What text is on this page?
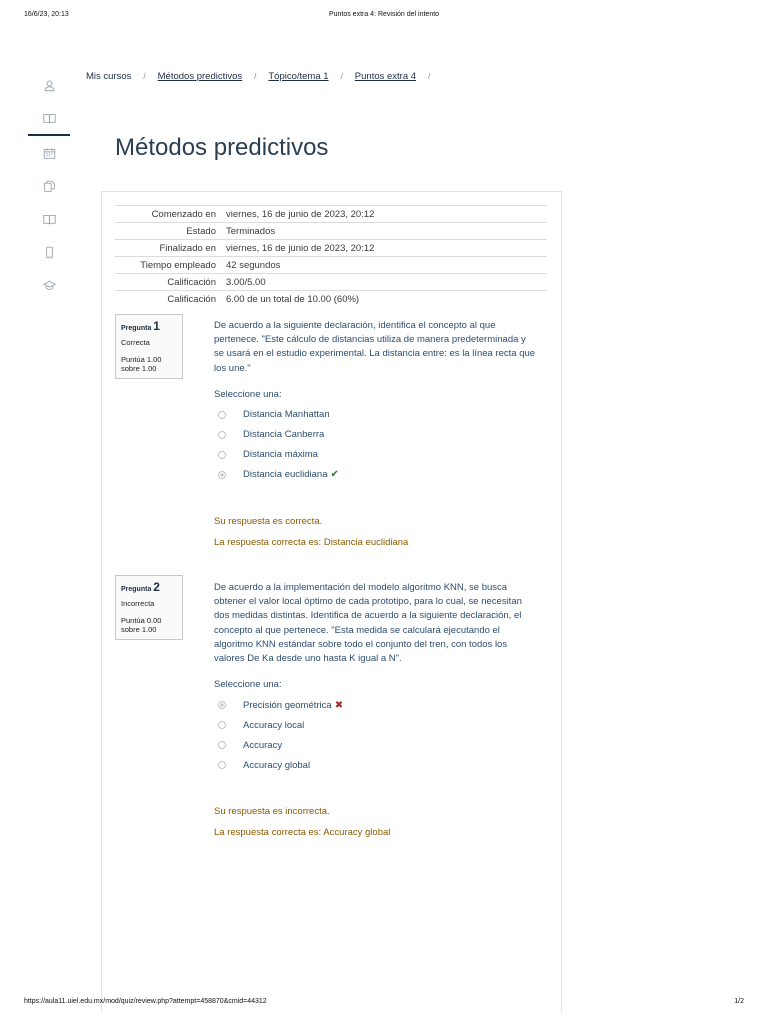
16/6/23, 20:13	Puntos extra 4: Revisión del intento
Mis cursos / Métodos predictivos / Tópico/tema 1 / Puntos extra 4 /
Métodos predictivos
Comenzado en	viernes, 16 de junio de 2023, 20:12
Estado	Terminados
Finalizado en	viernes, 16 de junio de 2023, 20:12
Tiempo empleado	42 segundos
Calificación	3.00/5.00
Calificación	6.00 de un total de 10.00 (60%)
Pregunta 1
Correcta
Puntúa 1.00
sobre 1.00

De acuerdo a la siguiente declaración, identifica el concepto al que pertenece. "Este cálculo de distancias utiliza de manera predeterminada y se usará en el estudio experimental. La distancia entre: es la línea recta que los une."

Seleccione una:
Distancia Manhattan
Distancia Canberra
Distancia máxima
Distancia euclidiana ✔
Su respuesta es correcta.
La respuesta correcta es: Distancia euclidiana
Pregunta 2
Incorrecta
Puntúa 0.00
sobre 1.00

De acuerdo a la implementación del modelo algoritmo KNN, se busca obtener el valor local óptimo de cada prototipo, para lo cual, se necesitan dos medidas distintas. Identifica de acuerdo a la siguiente declaración, el concepto al que pertenece. "Esta medida se calculará ejecutando el algoritmo KNN estándar sobre todo el conjunto del tren, con todos los valores De Ka desde uno hasta K igual a N".

Seleccione una:
Precisión geométrica ✖
Accuracy local
Accuracy
Accuracy global
Su respuesta es incorrecta.
La respuesta correcta es: Accuracy global
https://aula11.uiel.edu.mx/mod/quiz/review.php?attempt=458870&cmid=44312	1/2
